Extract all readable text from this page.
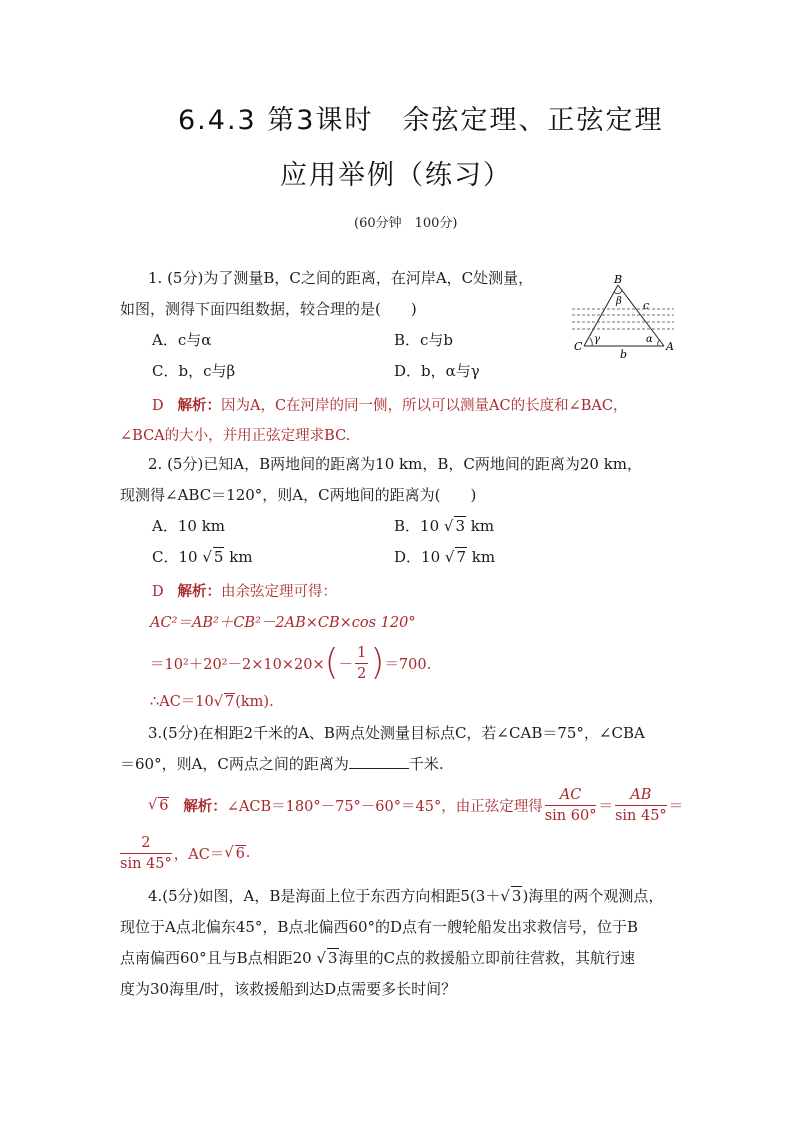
6.4.3 第3课时　余弦定理、正弦定理
应用举例（练习）
(60分钟　100分)
1. (5分)为了测量B，C之间的距离，在河岸A，C处测量，
如图，测得下面四组数据，较合理的是(　　)
A．c与α	B．c与b
C．b，c与β	D．b，α与γ
B
C	A
c
b
β
γ	α
D 解析：因为A，C在河岸的同一侧，所以可以测量AC的长度和∠BAC，
∠BCA的大小，并用正弦定理求BC.
2. (5分)已知A，B两地间的距离为10 km，B，C两地间的距离为20 km，
现测得∠ABC＝120°，则A，C两地间的距离为(　　)
A．10 km	B．10 √ 3 km
C．10 √ 5 km	D．10 √ 7 km
D 解析：由余弦定理可得：
AC²＝AB²＋CB²－2AB×CB×cos 120°
＝10²＋20²－2×10×20× ( － $\frac{1}{2}$ ) ＝700.
∴AC＝10√ 7(km).
3.(5分)在相距2千米的A、B两点处测量目标点C，若∠CAB＝75°，∠CBA
＝60°，则A，C两点之间的距离为	千米.
√ 6
解析： ∠ACB＝180°－75°－60°＝45°，由正弦定理得 $\frac{AC}{\sin 60^\circ} = \frac{AB}{\sin 45^\circ}$ ＝
$\frac{2}{\sin 45^\circ}$ ，AC＝ √ 6 .
4.(5分)如图，A，B是海面上位于东西方向相距5(3＋√ 3)海里的两个观测点，
现位于A点北偏东45°，B点北偏西60°的D点有一艘轮船发出求救信号，位于B
点南偏西60°且与B点相距20 √ 3海里的C点的救援船立即前往营救，其航行速
度为30海里/时，该救援船到达D点需要多长时间？
